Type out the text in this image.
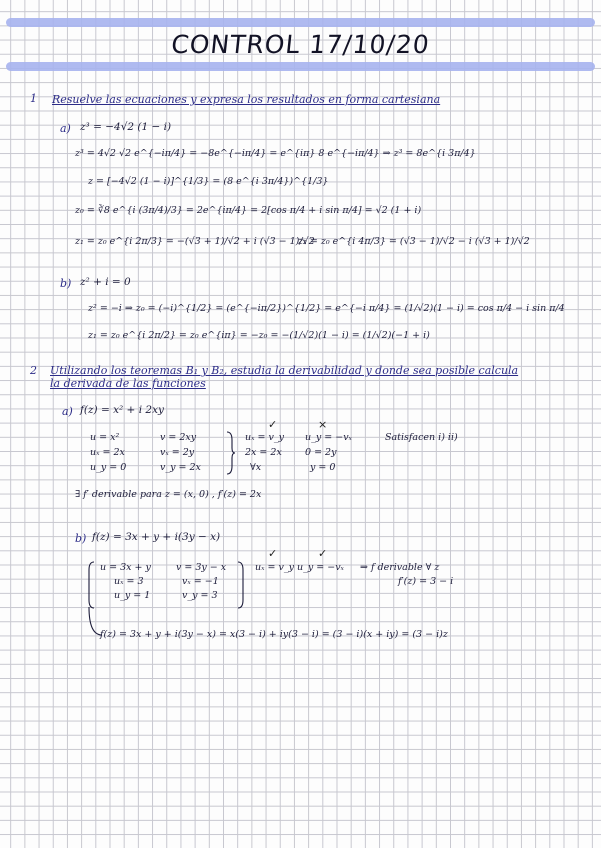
CONTROL 17/10/20
1 Resuelve las ecuaciones y expresa los resultados en forma cartesiana
a) z³ = −4√2 (1 − i)
z³ = 4√2 √2 e^{−iπ/4} = −8e^{−iπ/4} = e^{iπ} 8 e^{−iπ/4} ⇒ z³ = 8e^{i 3π/4}
z = [−4√2 (1 − i)]^{1/3} = (8 e^{i 3π/4})^{1/3}
z₀ = ∛8 e^{i (3π/4)/3} = 2e^{iπ/4} = 2[cos π/4 + i sin π/4] = √2 (1 + i)
z₁ = z₀ e^{i 2π/3} = −(√3 + 1)/√2 + i (√3 − 1)/√2
z₂ = z₀ e^{i 4π/3} = (√3 − 1)/√2 − i (√3 + 1)/√2
b) z² + i = 0
z² = −i ⇒ z₀ = (−i)^{1/2} = (e^{−iπ/2})^{1/2} = e^{−i π/4} = (1/√2)(1 − i) = cos π/4 − i sin π/4
z₁ = z₀ e^{i 2π/2} = z₀ e^{iπ} = −z₀ = −(1/√2)(1 − i) = (1/√2)(−1 + i)
2 Utilizando los teoremas B₁ y B₂, estudia la derivabilidad y donde sea posible calcula
la derivada de las funciones
a) f(z) = x² + i 2xy
u = x²
uₓ = 2x
u_y = 0
v = 2xy
vₓ = 2y
v_y = 2x
✓	×
uₓ = v_y
2x = 2x
∀x
u_y = −vₓ
0 = 2y
y = 0
Satisfacen i) ii)
∃ f′ derivable para z = (x, 0) , f′(z) = 2x
b) f(z) = 3x + y + i(3y − x)
u = 3x + y
uₓ = 3
u_y = 1
v = 3y − x
vₓ = −1
v_y = 3
✓	✓
uₓ = v_y u_y = −vₓ ⇒ f derivable ∀ z
f′(z) = 3 − i
f(z) = 3x + y + i(3y − x) = x(3 − i) + iy(3 − i) = (3 − i)(x + iy) = (3 − i)z
